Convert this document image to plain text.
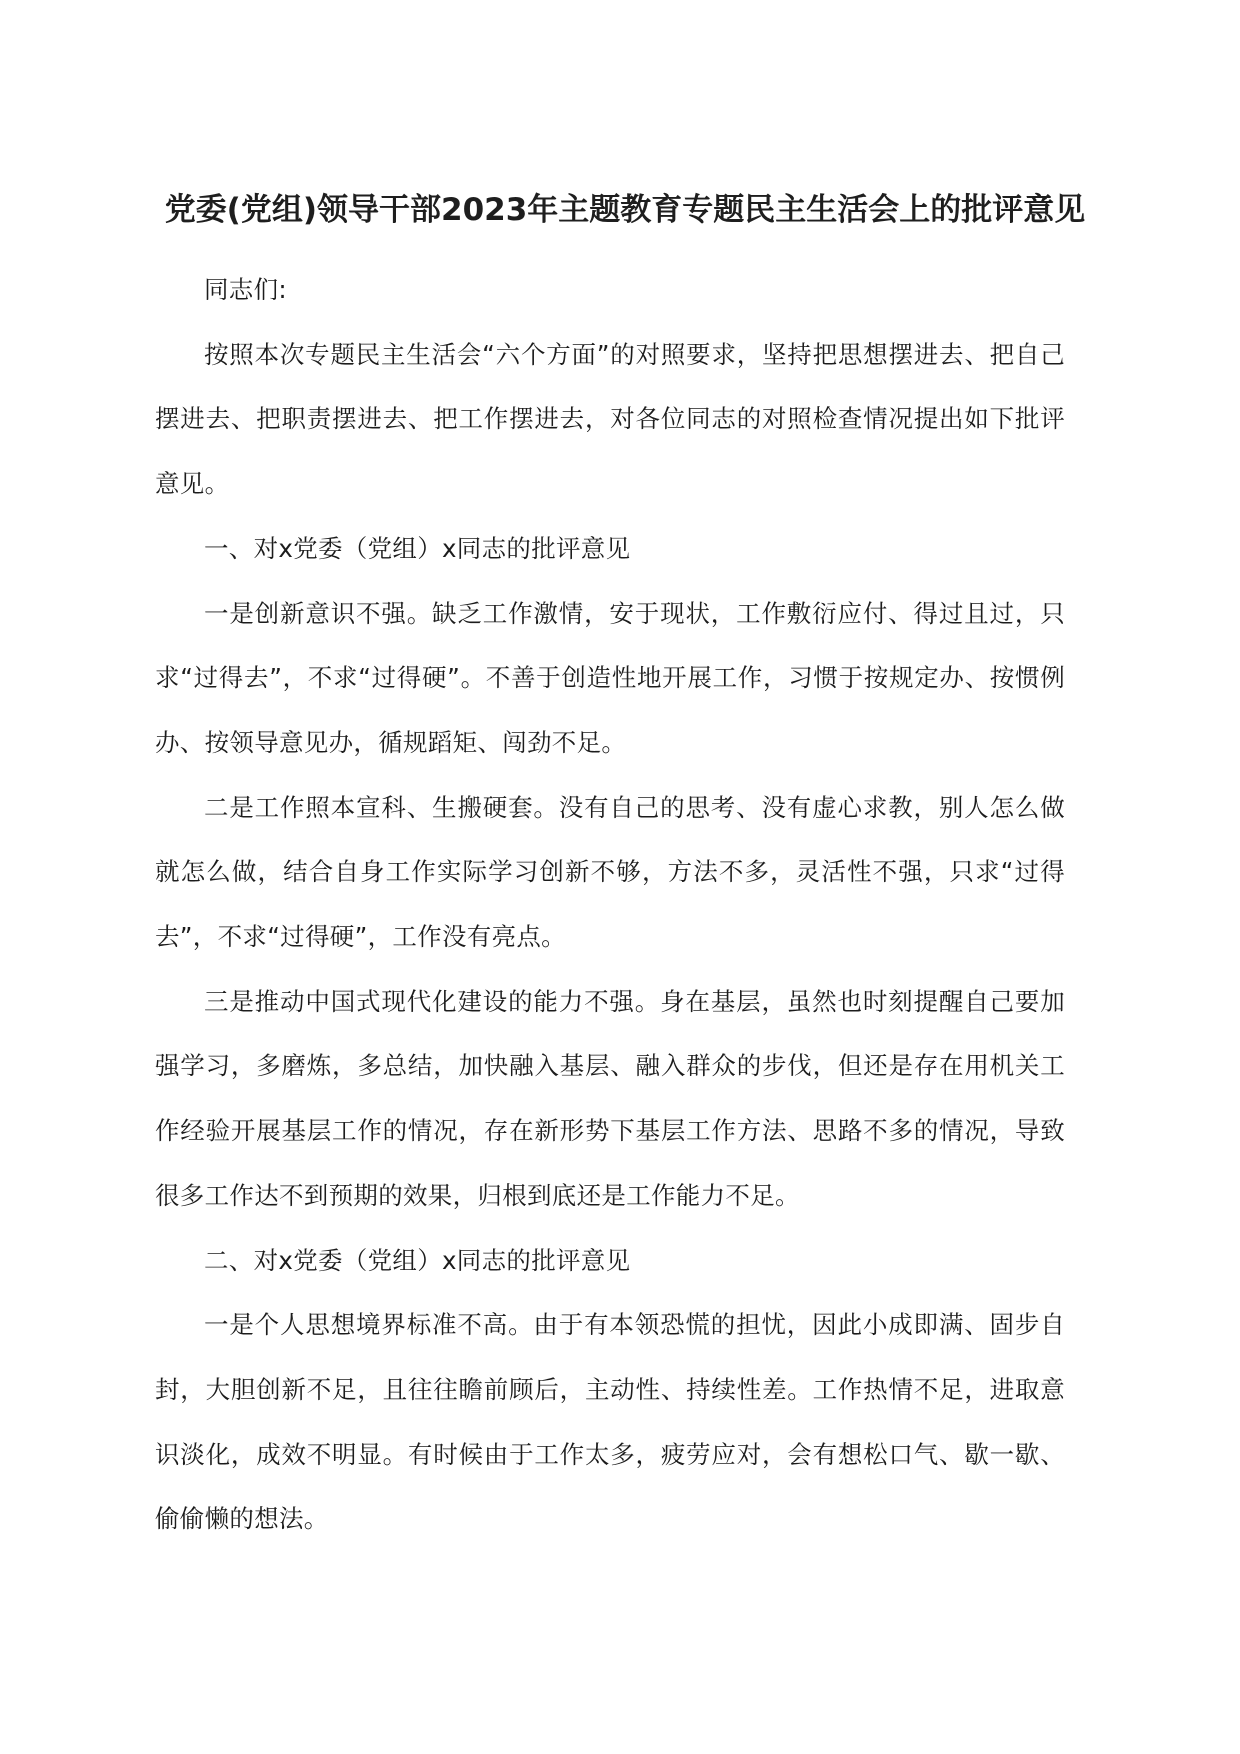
党委(党组)领导干部2023年主题教育专题民主生活会上的批评意见

同志们:

按照本次专题民主生活会“六个方面”的对照要求，坚持把思想摆进去、把自己摆进去、把职责摆进去、把工作摆进去，对各位同志的对照检查情况提出如下批评意见。

一、对x党委（党组）x同志的批评意见

一是创新意识不强。缺乏工作激情，安于现状，工作敷衍应付、得过且过，只求“过得去”，不求“过得硬”。不善于创造性地开展工作，习惯于按规定办、按惯例办、按领导意见办，循规蹈矩、闯劲不足。

二是工作照本宣科、生搬硬套。没有自己的思考、没有虚心求教，别人怎么做就怎么做，结合自身工作实际学习创新不够，方法不多，灵活性不强，只求“过得去”，不求“过得硬”，工作没有亮点。

三是推动中国式现代化建设的能力不强。身在基层，虽然也时刻提醒自己要加强学习，多磨炼，多总结，加快融入基层、融入群众的步伐，但还是存在用机关工作经验开展基层工作的情况，存在新形势下基层工作方法、思路不多的情况，导致很多工作达不到预期的效果，归根到底还是工作能力不足。

二、对x党委（党组）x同志的批评意见

一是个人思想境界标准不高。由于有本领恐慌的担忧，因此小成即满、固步自封，大胆创新不足，且往往瞻前顾后，主动性、持续性差。工作热情不足，进取意识淡化，成效不明显。有时候由于工作太多，疲劳应对，会有想松口气、歇一歇、偷偷懒的想法。
